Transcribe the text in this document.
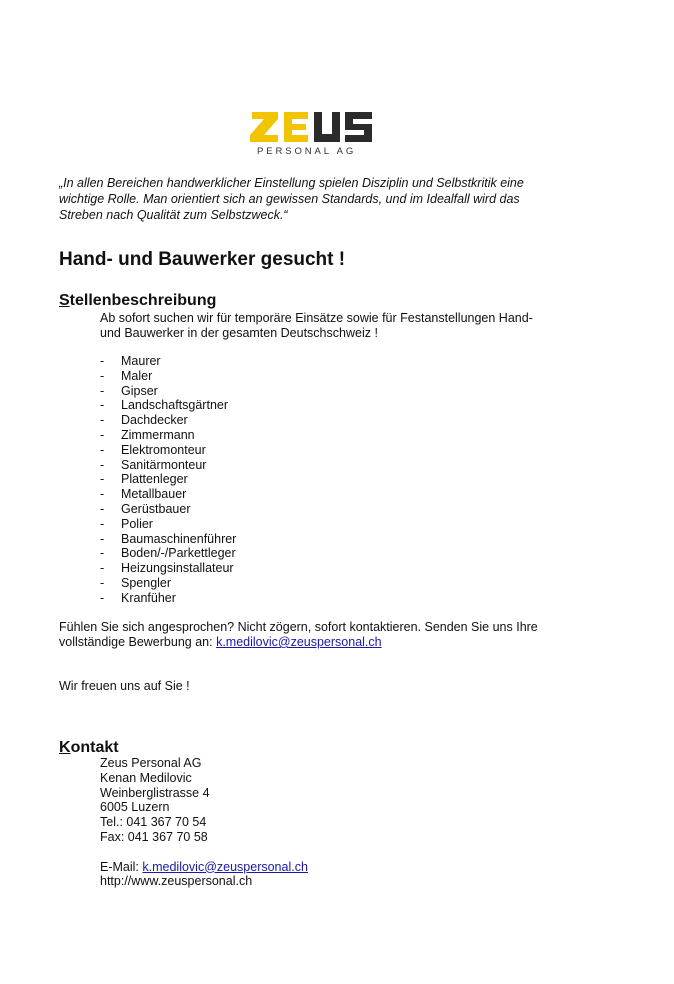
PERSONAL AG

„In allen Bereichen handwerklicher Einstellung spielen Disziplin und Selbstkritik eine wichtige Rolle. Man orientiert sich an gewissen Standards, und im Idealfall wird das Streben nach Qualität zum Selbstzweck.“

Hand- und Bauwerker gesucht !
Stellenbeschreibung

Ab sofort suchen wir für temporäre Einsätze sowie für Festanstellungen Hand- und Bauwerker in der gesamten Deutschschweiz !

- Maurer
- Maler
- Gipser
- Landschaftsgärtner
- Dachdecker
- Zimmermann
- Elektromonteur
- Sanitärmonteur
- Plattenleger
- Metallbauer
- Gerüstbauer
- Polier
- Baumaschinenführer
- Boden/-/Parkettleger
- Heizungsinstallateur
- Spengler
- Kranfüher

Fühlen Sie sich angesprochen? Nicht zögern, sofort kontaktieren. Senden Sie uns Ihre
vollständige Bewerbung an: k.medilovic@zeuspersonal.ch

Wir freuen uns auf Sie !

Kontakt
Zeus Personal AG
Kenan Medilovic
Weinberglistrasse 4
6005 Luzern
Tel.: 041 367 70 54
Fax: 041 367 70 58
E-Mail: k.medilovic@zeuspersonal.ch
http://www.zeuspersonal.ch
